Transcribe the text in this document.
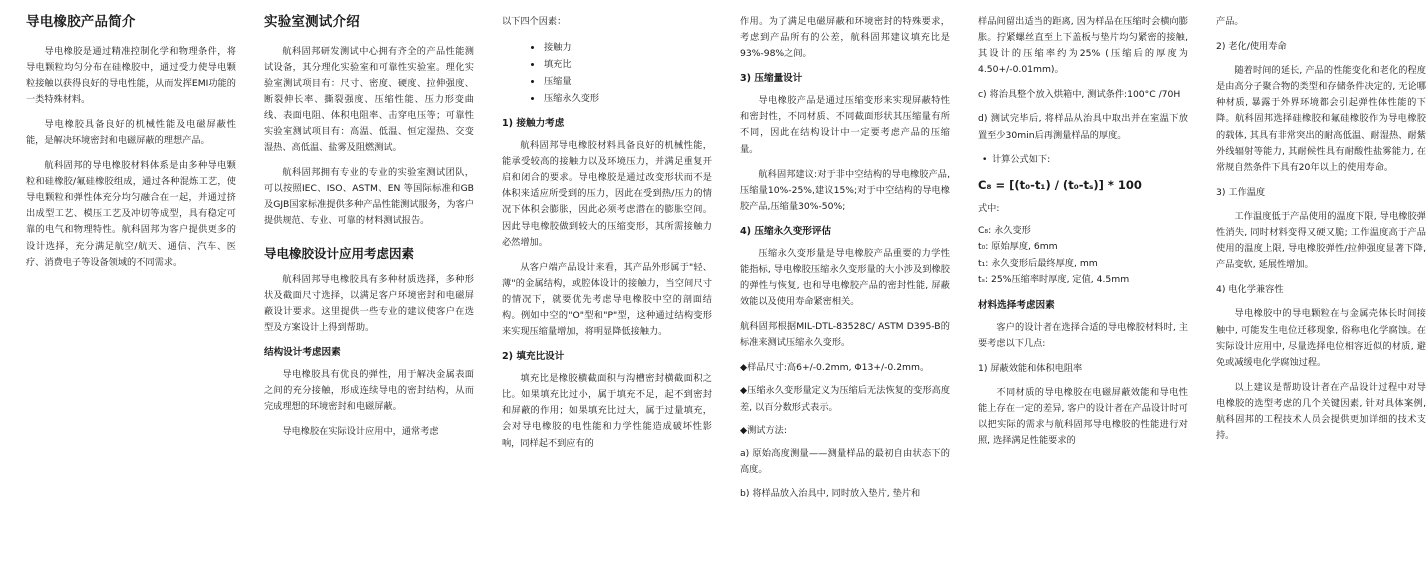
导电橡胶产品简介

导电橡胶是通过精准控制化学和物理条件，将导电颗粒均匀分布在硅橡胶中，通过受力使导电颗粒接触以获得良好的导电性能，从而发挥EMI功能的一类特殊材料。

导电橡胶具备良好的机械性能及电磁屏蔽性能，是解决环境密封和电磁屏蔽的理想产品。

航科固邦的导电橡胶材料体系是由多种导电颗粒和硅橡胶/氟硅橡胶组成，通过各种混炼工艺，使导电颗粒和弹性体充分均匀融合在一起，并通过挤出成型工艺、模压工艺及冲切等成型，具有稳定可靠的电气和物理特性。航科固邦为客户提供更多的设计选择，充分满足航空/航天、通信、汽车、医疗、消费电子等设备领域的不同需求。

实验室测试介绍

航科固邦研发测试中心拥有齐全的产品性能测试设备，其分理化实验室和可靠性实验室。理化实验室测试项目有：尺寸、密度、硬度、拉伸强度、断裂伸长率、撕裂强度、压缩性能、压力形变曲线、表面电阻、体积电阻率、击穿电压等；可靠性实验室测试项目有：高温、低温、恒定湿热、交变湿热、高低温、盐雾及阻燃测试。

航科固邦拥有专业的专业的实验室测试团队，可以按照IEC、ISO、ASTM、EN 等国际标准和GB及GJB国家标准提供多种产品性能测试服务，为客户提供规范、专业、可靠的材料测试报告。

导电橡胶设计应用考虑因素

航科固邦导电橡胶具有多种材质选择，多种形状及截面尺寸选择，以满足客户环境密封和电磁屏蔽设计要求。这里提供一些专业的建议使客户在选型及方案设计上得到帮助。

结构设计考虑因素

导电橡胶具有优良的弹性，用于解决金属表面之间的充分接触，形成连续导电的密封结构，从而完成理想的环境密封和电磁屏蔽。

导电橡胶在实际设计应用中，通常考虑

以下四个因素：

接触力
填充比
压缩量
压缩永久变形
1) 接触力考虑

航科固邦导电橡胶材料具备良好的机械性能，能承受较高的接触力以及环境压力，并满足重复开启和闭合的要求。导电橡胶是通过改变形状而不是体积来适应所受到的压力，因此在受到热/压力的情况下体积会膨胀，因此必须考虑潜在的膨胀空间。因此导电橡胶做到较大的压缩变形，其所需接触力必然增加。

从客户端产品设计来看，其产品外形属于"轻、薄"的金属结构，或腔体设计的接触力，当空间尺寸的情况下，就要优先考虑导电橡胶中空的剖面结构。例如中空的"O"型和"P"型，这种通过结构变形来实现压缩量增加，将明显降低接触力。

2) 填充比设计

填充比是橡胶横截面积与沟槽密封横截面积之比。如果填充比过小，属于填充不足，起不到密封和屏蔽的作用；如果填充比过大，属于过量填充，会对导电橡胶的电性能和力学性能造成破坏性影响，同样起不到应有的

作用。为了满足电磁屏蔽和环境密封的特殊要求，考虑到产品所有的公差，航科固邦建议填充比是93%-98%之间。

3) 压缩量设计

导电橡胶产品是通过压缩变形来实现屏蔽特性和密封性，不同材质、不同截面形状其压缩量有所不同，因此在结构设计中一定要考虑产品的压缩量。

航科固邦建议:对于非中空结构的导电橡胶产品,压缩量10%-25%,建议15%;对于中空结构的导电橡胶产品,压缩量30%-50%;

4) 压缩永久变形评估

压缩永久变形量是导电橡胶产品重要的力学性能指标, 导电橡胶压缩永久变形量的大小涉及到橡胶的弹性与恢复, 也和导电橡胶产品的密封性能, 屏蔽效能以及使用寿命紧密相关。

航科固邦根据MIL-DTL-83528C/ ASTM D395-B的标准来测试压缩永久变形。

◆样品尺寸:高6+/-0.2mm, Φ13+/-0.2mm。
◆压缩永久变形量定义为压缩后无法恢复的变形高度差, 以百分数形式表示。
◆测试方法:
a) 原始高度测量——测量样品的最初自由状态下的高度。
b) 将样品放入治具中, 同时放入垫片, 垫片和

样品间留出适当的距离, 因为样品在压缩时会横向膨胀。拧紧螺丝直至上下盖板与垫片均匀紧密的接触, 其设计的压缩率约为25% (压缩后的厚度为4.50+/-0.01mm)。

c) 将治具整个放入烘箱中, 测试条件:100°C /70H
d) 测试完毕后, 将样品从治具中取出并在室温下放置至少30min后再测量样品的厚度。
• 计算公式如下:
C₈ = [(t₀-t₁) / (t₀-tₛ)] * 100

式中:

C₈: 永久变形
t₀: 原始厚度, 6mm
t₁: 永久变形后最终厚度, mm
tₛ: 25%压缩率时厚度, 定值, 4.5mm
材料选择考虑因素

客户的设计者在选择合适的导电橡胶材料时, 主要考虑以下几点:

1) 屏蔽效能和体积电阻率

不同材质的导电橡胶在电磁屏蔽效能和导电性能上存在一定的差异, 客户的设计者在产品设计时可以把实际的需求与航科固邦导电橡胶的性能进行对照, 选择满足性能要求的

产品。

2) 老化/使用寿命

随着时间的延长, 产品的性能变化和老化的程度是由高分子聚合物的类型和存储条件决定的, 无论哪种材质, 暴露于外界环境都会引起弹性体性能的下降。航科固邦选择硅橡胶和氟硅橡胶作为导电橡胶的载体, 其具有非常突出的耐高低温、耐湿热、耐紫外线辐射等能力, 其耐候性具有耐酸性盐雾能力, 在常规自然条件下具有20年以上的使用寿命。

3) 工作温度

工作温度低于产品使用的温度下限, 导电橡胶弹性消失, 同时材料变得又硬又脆; 工作温度高于产品使用的温度上限, 导电橡胶弹性/拉伸强度显著下降, 产品变软, 延展性增加。

4) 电化学兼容性

导电橡胶中的导电颗粒在与金属壳体长时间接触中, 可能发生电位迁移现象, 俗称电化学腐蚀。在实际设计应用中, 尽量选择电位相容近似的材质, 避免或减缓电化学腐蚀过程。

以上建议是帮助设计者在产品设计过程中对导电橡胶的选型考虑的几个关键因素, 针对具体案例, 航科固邦的工程技术人员会提供更加详细的技术支持。
